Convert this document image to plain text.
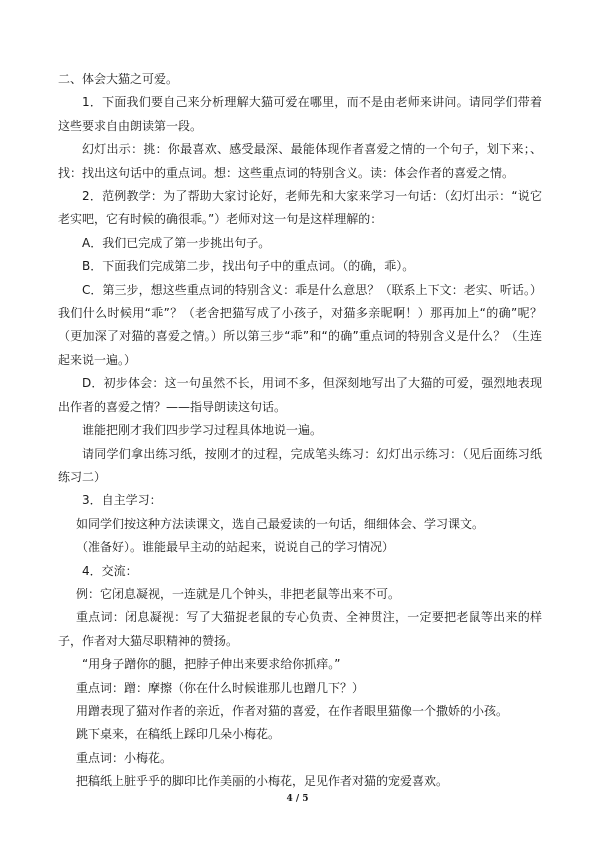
二、体会大猫之可爱。

1．下面我们要自己来分析理解大猫可爱在哪里，而不是由老师来讲问。请同学们带着这些要求自由朗读第一段。

幻灯出示：挑：你最喜欢、感受最深、最能体现作者喜爱之情的一个句子，划下来；、找：找出这句话中的重点词。想：这些重点词的特别含义。读：体会作者的喜爱之情。

2．范例教学：为了帮助大家讨论好，老师先和大家来学习一句话：（幻灯出示：“说它老实吧，它有时候的确很乖。”）老师对这一句是这样理解的：

A．我们已完成了第一步挑出句子。

B．下面我们完成第二步，找出句子中的重点词。（的确，乖）。

C．第三步，想这些重点词的特别含义：乖是什么意思？（联系上下文：老实、听话。）我们什么时候用“乖”？（老舍把猫写成了小孩子，对猫多亲昵啊！）那再加上“的确”呢？（更加深了对猫的喜爱之情。）所以第三步“乖”和“的确”重点词的特别含义是什么？（生连起来说一遍。）

D．初步体会：这一句虽然不长，用词不多，但深刻地写出了大猫的可爱，强烈地表现出作者的喜爱之情？——指导朗读这句话。

谁能把刚才我们四步学习过程具体地说一遍。

请同学们拿出练习纸，按刚才的过程，完成笔头练习：幻灯出示练习：（见后面练习纸练习二）

3．自主学习：

如同学们按这种方法读课文，选自己最爱读的一句话，细细体会、学习课文。

（准备好）。谁能最早主动的站起来，说说自己的学习情况）

4．交流：

例：它闭息凝视，一连就是几个钟头，非把老鼠等出来不可。

重点词：闭息凝视：写了大猫捉老鼠的专心负责、全神贯注，一定要把老鼠等出来的样子，作者对大猫尽职精神的赞扬。

“用身子蹭你的腿，把脖子伸出来要求给你抓痒。”

重点词：蹭：摩擦（你在什么时候谁那儿也蹭几下？）

用蹭表现了猫对作者的亲近，作者对猫的喜爱，在作者眼里猫像一个撒娇的小孩。

跳下桌来，在稿纸上踩印几朵小梅花。

重点词：小梅花。

把稿纸上脏乎乎的脚印比作美丽的小梅花，足见作者对猫的宠爱喜欢。

4 / 5
